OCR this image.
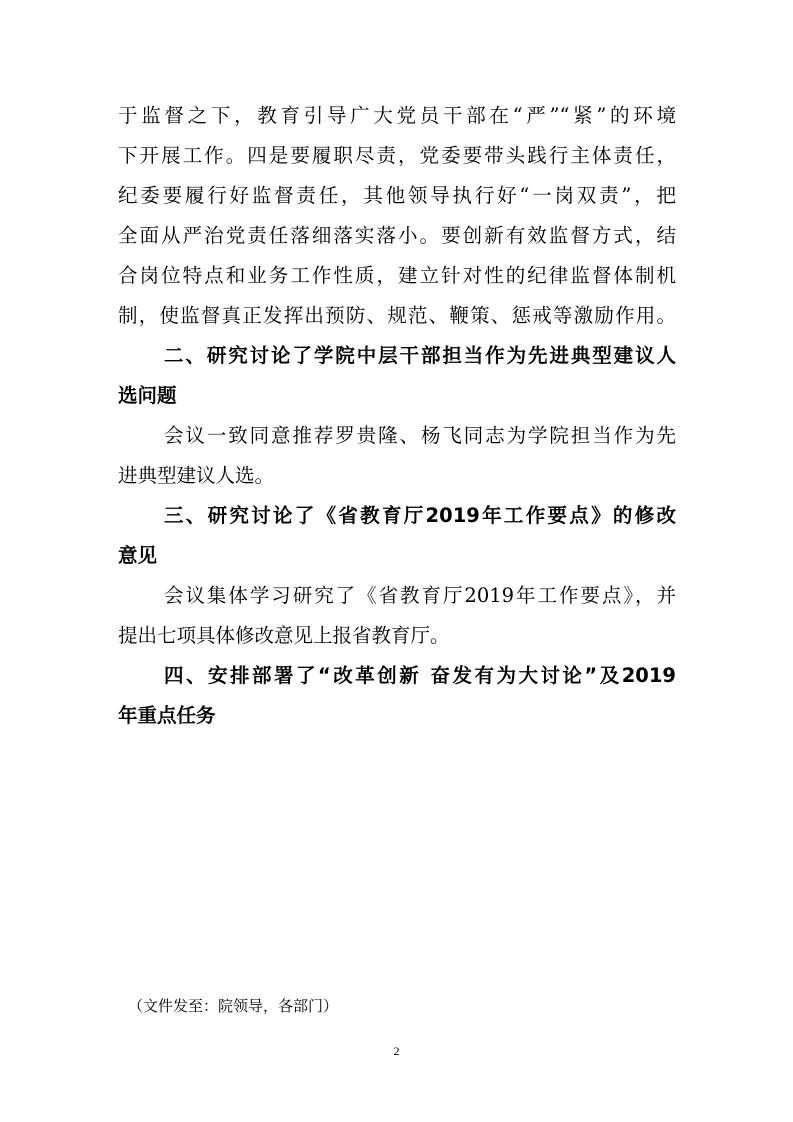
于监督之下，教育引导广大党员干部在“严”“紧”的环境
下开展工作。四是要履职尽责，党委要带头践行主体责任，
纪委要履行好监督责任，其他领导执行好“一岗双责”，把
全面从严治党责任落细落实落小。要创新有效监督方式，结
合岗位特点和业务工作性质，建立针对性的纪律监督体制机
制，使监督真正发挥出预防、规范、鞭策、惩戒等激励作用。
二、研究讨论了学院中层干部担当作为先进典型建议人
选问题
会议一致同意推荐罗贵隆、杨飞同志为学院担当作为先
进典型建议人选。
三、研究讨论了《省教育厅2019年工作要点》的修改
意见
会议集体学习研究了《省教育厅2019年工作要点》，并
提出七项具体修改意见上报省教育厅。
四、安排部署了“改革创新 奋发有为大讨论”及2019
年重点任务
（文件发至：院领导，各部门）
2
